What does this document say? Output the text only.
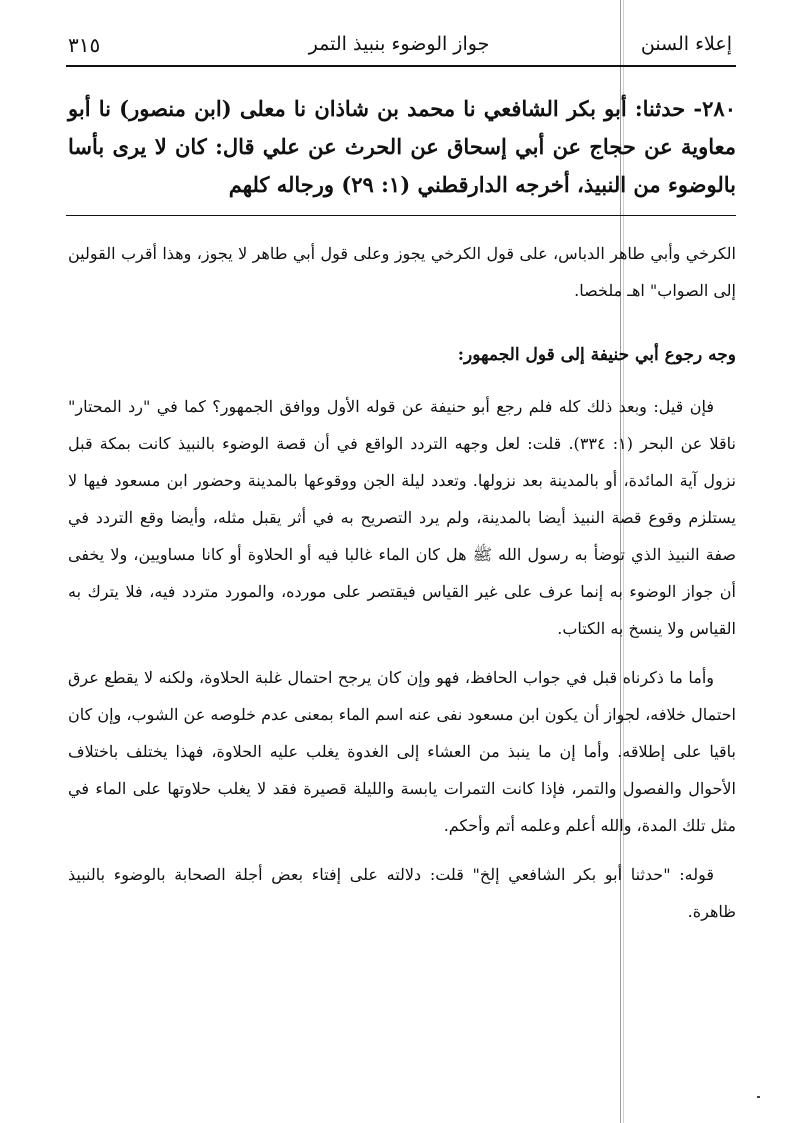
إعلاء السنن
جواز الوضوء بنبيذ التمر
٣١٥

٢٨٠- حدثنا: أبو بكر الشافعي نا محمد بن شاذان نا معلى (ابن منصور) نا أبو معاوية عن حجاج عن أبي إسحاق عن الحرث عن علي قال: كان لا يرى بأسا بالوضوء من النبيذ، أخرجه الدارقطني (١: ٢٩) ورجاله كلهم

الكرخي وأبي طاهر الدباس، على قول الكرخي يجوز وعلى قول أبي طاهر لا يجوز، وهذا أقرب القولين إلى الصواب" اهـ ملخصا.

وجه رجوع أبي حنيفة إلى قول الجمهور:

فإن قيل: وبعد ذلك كله فلم رجع أبو حنيفة عن قوله الأول ووافق الجمهور؟ كما في "رد المحتار" ناقلا عن البحر (١: ٣٣٤). قلت: لعل وجهه التردد الواقع في أن قصة الوضوء بالنبيذ كانت بمكة قبل نزول آية المائدة، أو بالمدينة بعد نزولها. وتعدد ليلة الجن ووقوعها بالمدينة وحضور ابن مسعود فيها لا يستلزم وقوع قصة النبيذ أيضا بالمدينة، ولم يرد التصريح به في أثر يقبل مثله، وأيضا وقع التردد في صفة النبيذ الذي توضأ به رسول الله ﷺ هل كان الماء غالبا فيه أو الحلاوة أو كانا مساويين، ولا يخفى أن جواز الوضوء به إنما عرف على غير القياس فيقتصر على مورده، والمورد متردد فيه، فلا يترك به القياس ولا ينسخ به الكتاب.

وأما ما ذكرناه قبل في جواب الحافظ، فهو وإن كان يرجح احتمال غلبة الحلاوة، ولكنه لا يقطع عرق احتمال خلافه، لجواز أن يكون ابن مسعود نفى عنه اسم الماء بمعنى عدم خلوصه عن الشوب، وإن كان باقيا على إطلاقه. وأما إن ما ينبذ من العشاء إلى الغدوة يغلب عليه الحلاوة، فهذا يختلف باختلاف الأحوال والفصول والتمر، فإذا كانت التمرات يابسة والليلة قصيرة فقد لا يغلب حلاوتها على الماء في مثل تلك المدة، والله أعلم وعلمه أتم وأحكم.

قوله: "حدثنا أبو بكر الشافعي إلخ" قلت: دلالته على إفتاء بعض أجلة الصحابة بالوضوء بالنبيذ ظاهرة.
